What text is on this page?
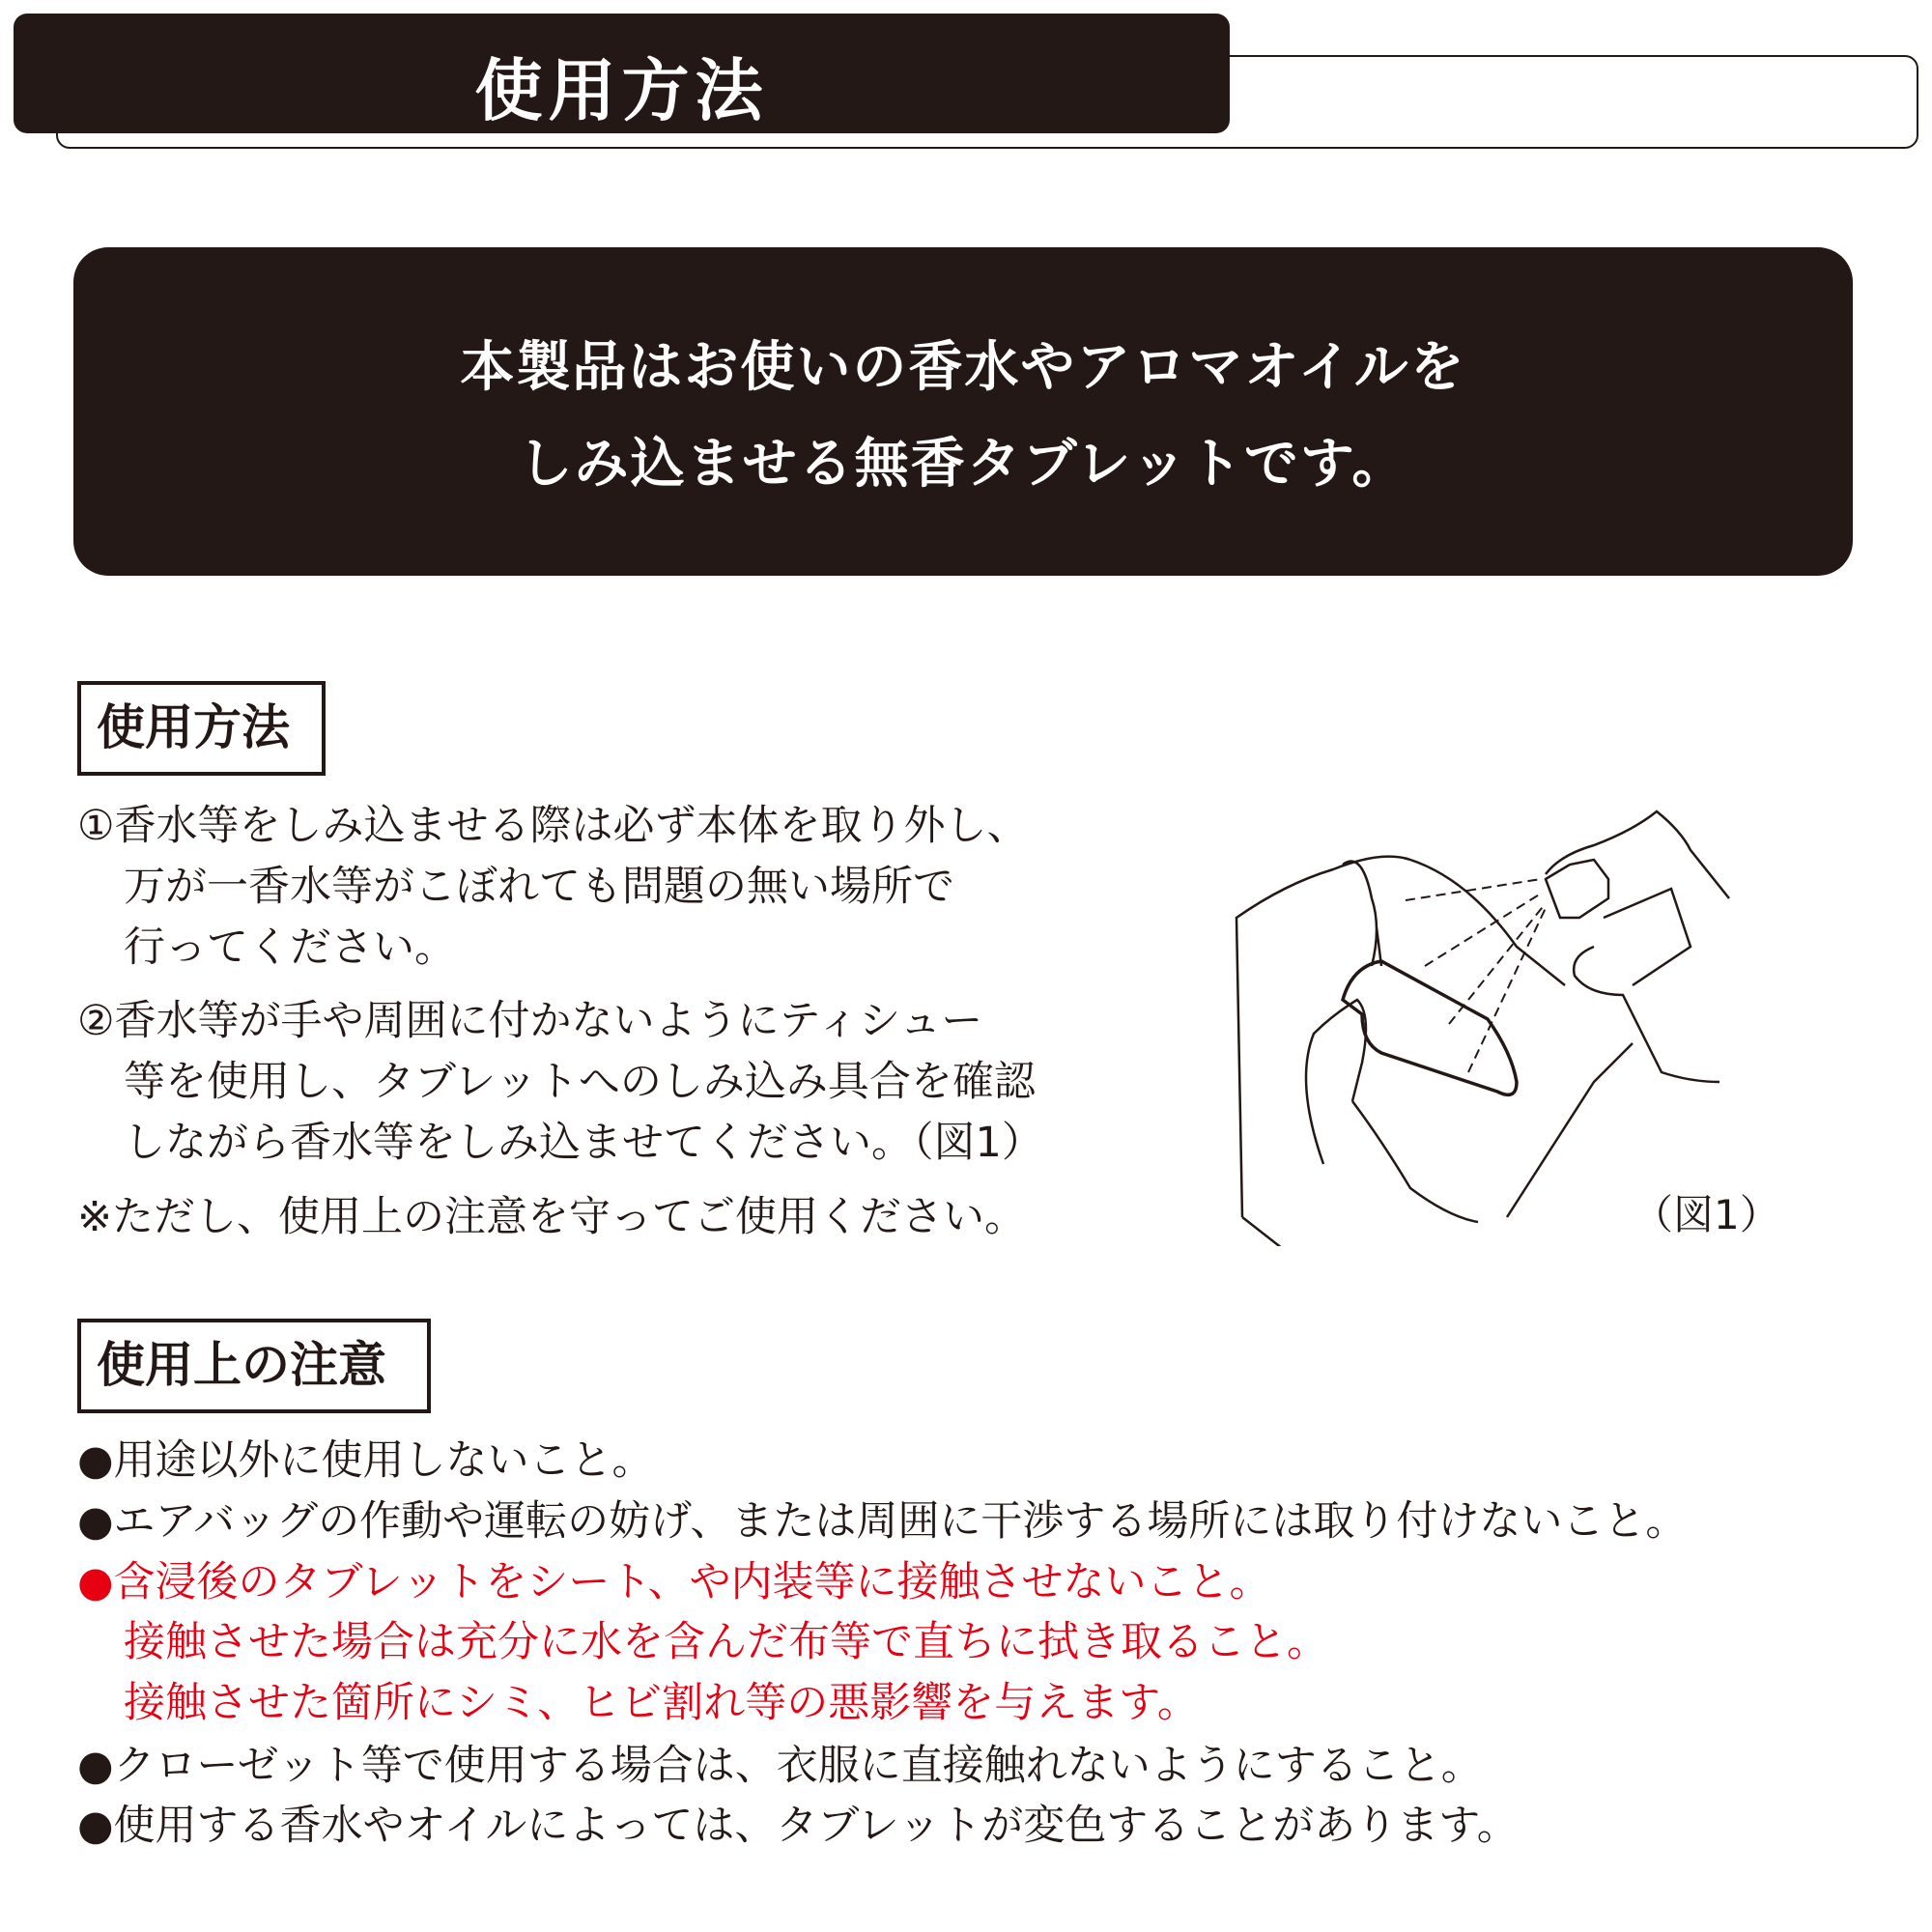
使用方法
本製品はお使いの香水やアロマオイルを
しみ込ませる無香タブレットです。
使用方法
①香水等をしみ込ませる際は必ず本体を取り外し、
万が一香水等がこぼれても問題の無い場所で
行ってください。
②香水等が手や周囲に付かないようにティシュー
等を使用し、タブレットへのしみ込み具合を確認
しながら香水等をしみ込ませてください。（図1）
※ただし、使用上の注意を守ってご使用ください。	（図1）
使用上の注意
●用途以外に使用しないこと。
●エアバッグの作動や運転の妨げ、または周囲に干渉する場所には取り付けないこと。
●含浸後のタブレットをシート、や内装等に接触させないこと。
接触させた場合は充分に水を含んだ布等で直ちに拭き取ること。
接触させた箇所にシミ、ヒビ割れ等の悪影響を与えます。
●クローゼット等で使用する場合は、衣服に直接触れないようにすること。
●使用する香水やオイルによっては、タブレットが変色することがあります。
